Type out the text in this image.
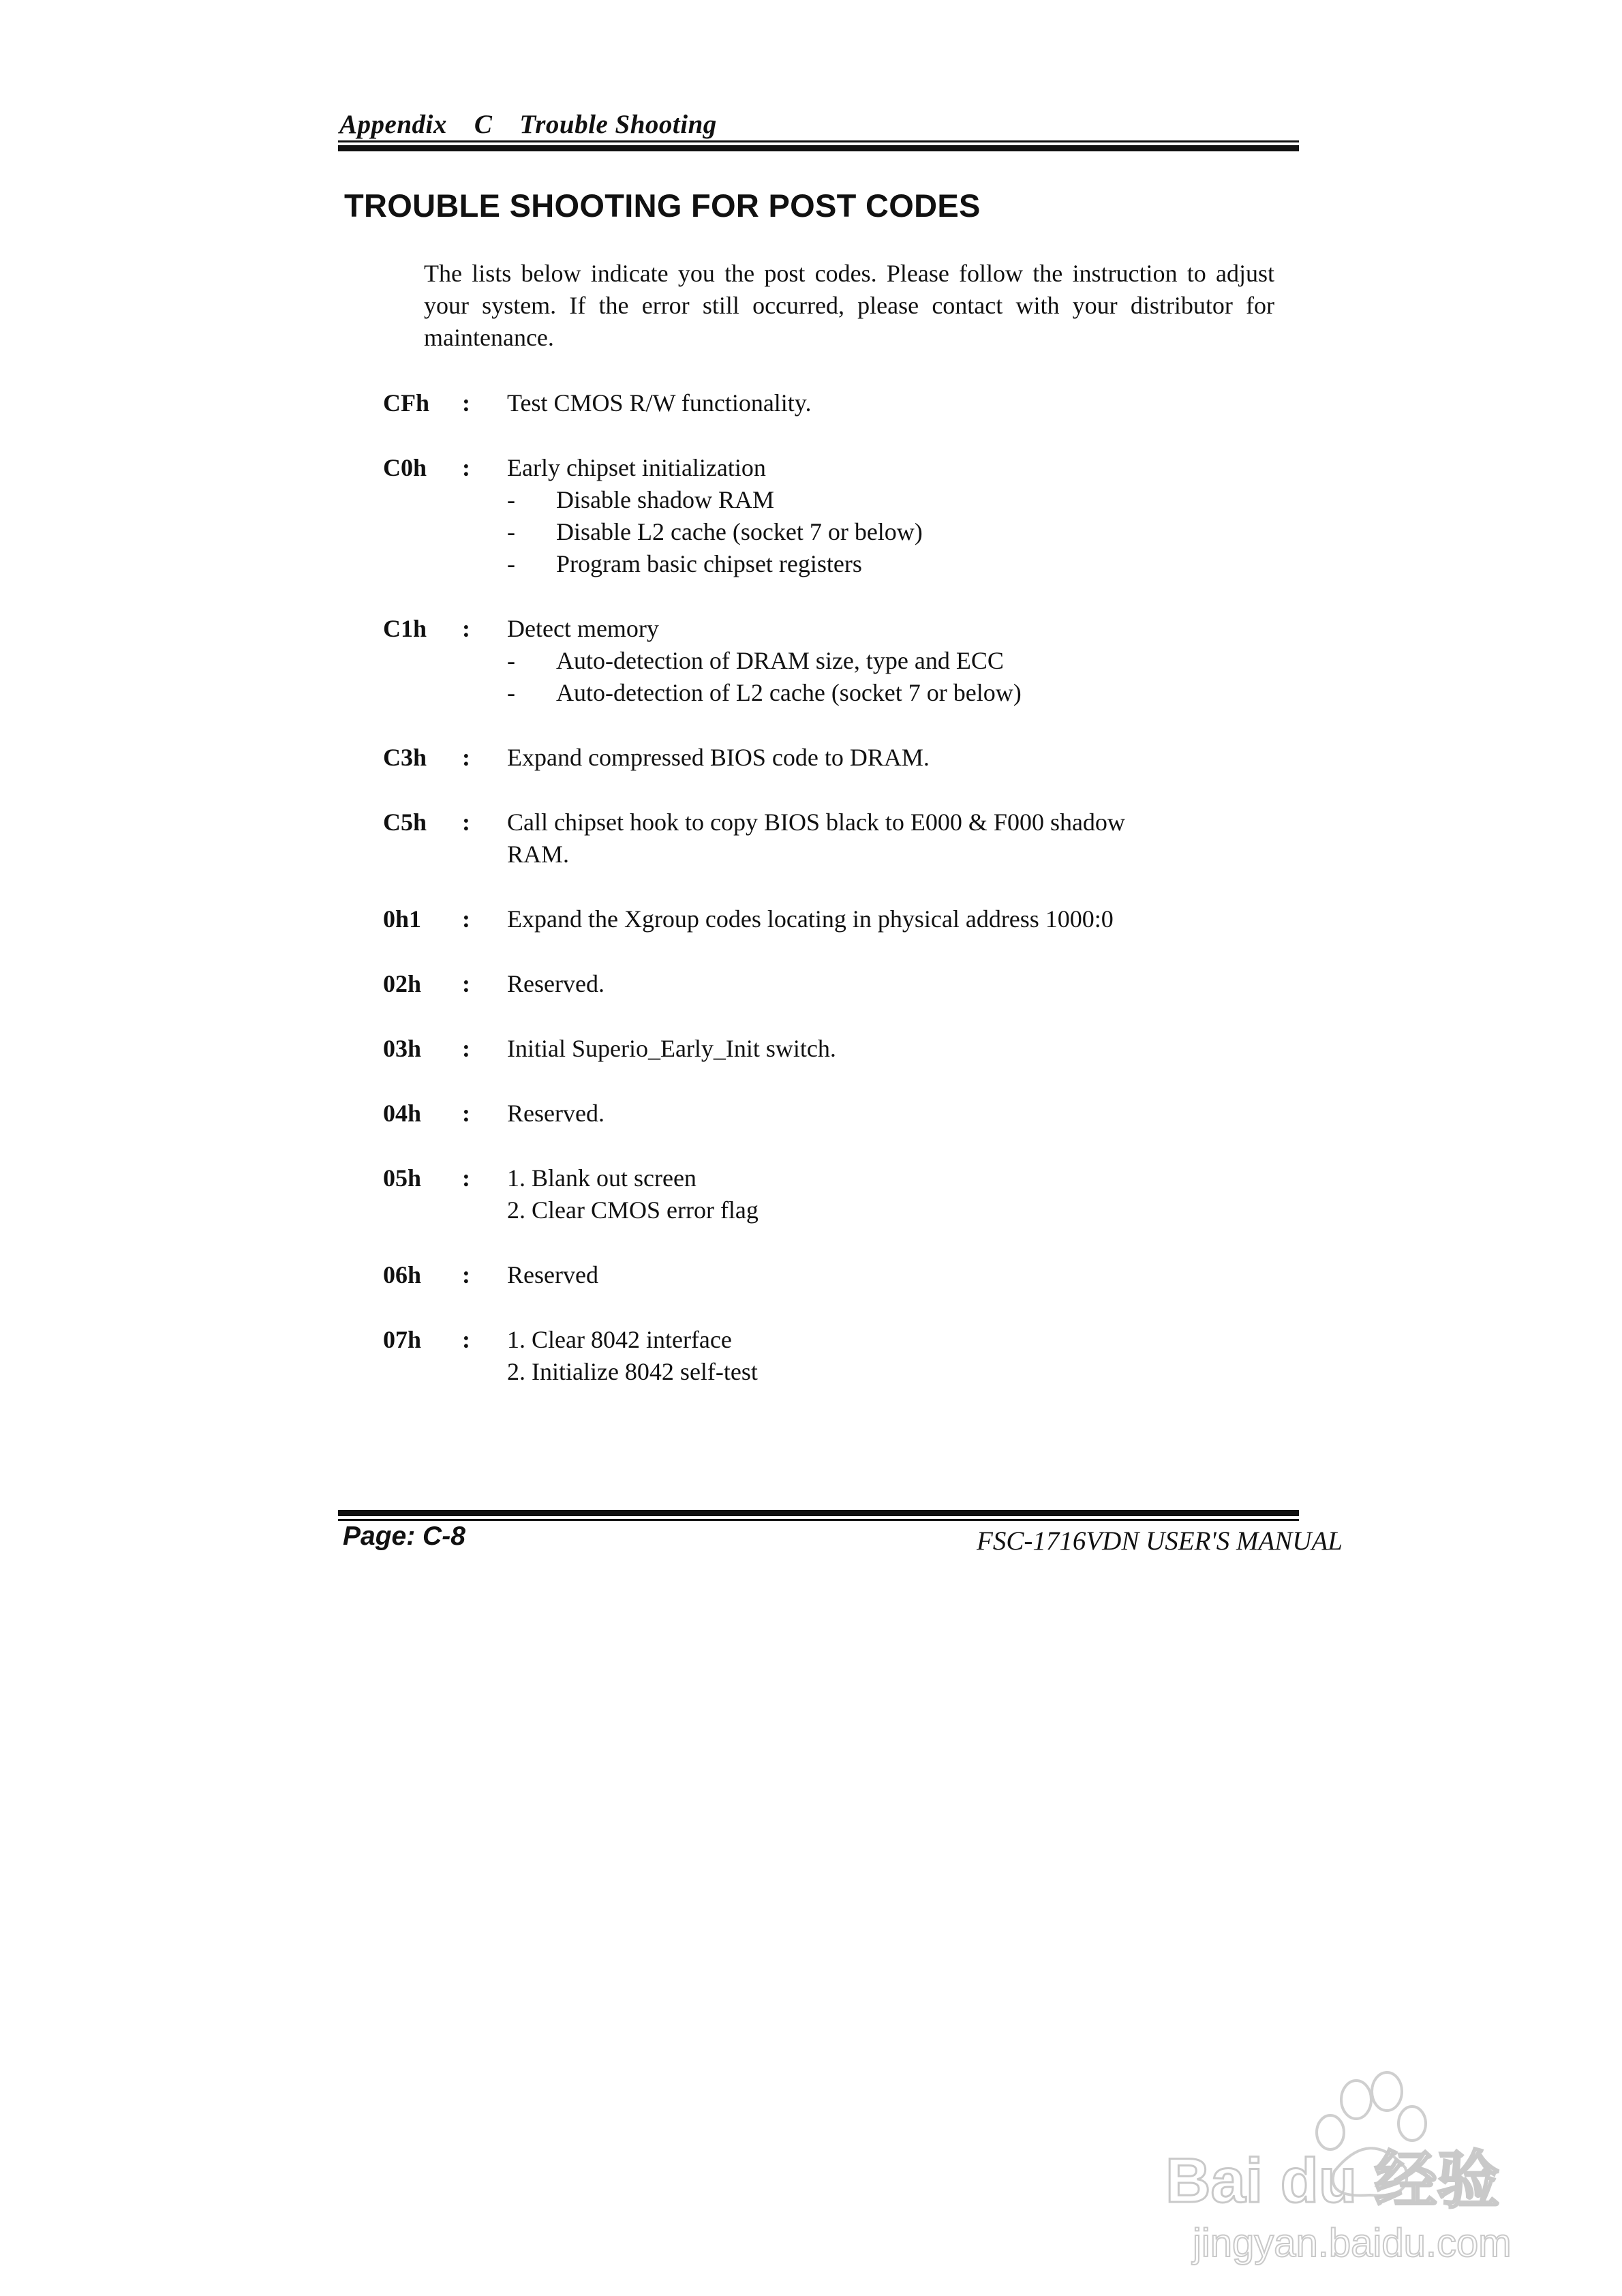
Appendix C Trouble Shooting
TROUBLE SHOOTING FOR POST CODES
The lists below indicate you the post codes. Please follow the instruction to adjust your system. If the error still occurred, please contact with your distributor for maintenance.
CFh : Test CMOS R/W functionality.
C0h : Early chipset initialization
-	Disable shadow RAM
-	Disable L2 cache (socket 7 or below)
-	Program basic chipset registers
C1h : Detect memory
-	Auto-detection of DRAM size, type and ECC
-	Auto-detection of L2 cache (socket 7 or below)
C3h : Expand compressed BIOS code to DRAM.
C5h : Call chipset hook to copy BIOS black to E000 & F000 shadow
RAM.
0h1 : Expand the Xgroup codes locating in physical address 1000:0
02h : Reserved.
03h : Initial Superio_Early_Init switch.
04h : Reserved.
05h : 1. Blank out screen
2. Clear CMOS error flag
06h : Reserved
07h : 1. Clear 8042 interface
2. Initialize 8042 self-test
Page: C-8	FSC-1716VDN USER'S MANUAL
Bai du 经验
jingyan.baidu.com
